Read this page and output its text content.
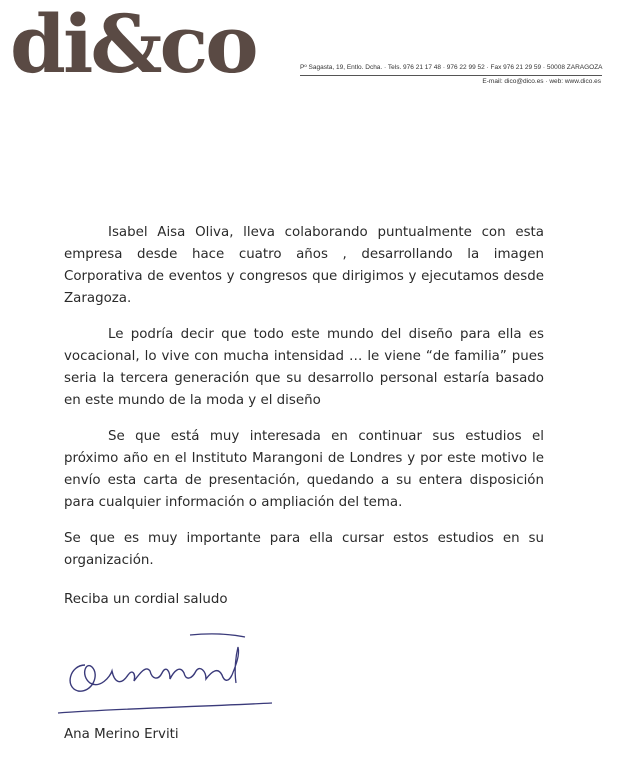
di&co	Pº Sagasta, 19, Entlo. Dcha. · Tels. 976 21 17 48 · 976 22 99 52 · Fax 976 21 29 59 · 50008 ZARAGOZA
E-mail: dico@dico.es · web: www.dico.es

Isabel Aisa Oliva, lleva colaborando puntualmente con esta empresa desde hace cuatro años , desarrollando la imagen Corporativa de eventos y congresos que dirigimos y ejecutamos desde Zaragoza.

Le podría decir que todo este mundo del diseño para ella es vocacional, lo vive con mucha intensidad … le viene “de familia” pues seria la tercera generación que su desarrollo personal estaría basado en este mundo de la moda y el diseño

Se que está muy interesada en continuar sus estudios el próximo año en el Instituto Marangoni de Londres y por este motivo le envío esta carta de presentación, quedando a su entera disposición para cualquier información o ampliación del tema.

Se que es muy importante para ella cursar estos estudios en su organización.

Reciba un cordial saludo
Ana Merino Erviti
